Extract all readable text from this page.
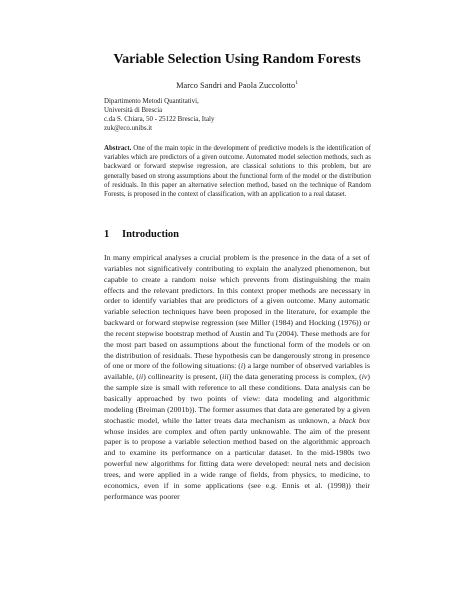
Variable Selection Using Random Forests
Marco Sandri and Paola Zuccolotto$^1$
Dipartimento Metodi Quantitativi,
Università di Brescia
c.da S. Chiara, 50 - 25122 Brescia, Italy
zuk@eco.unibs.it
Abstract. One of the main topic in the development of predictive models is the identification of variables which are predictors of a given outcome. Automated model selection methods, such as backward or forward stepwise regression, are classical solutions to this problem, but are generally based on strong assumptions about the functional form of the model or the distribution of residuals. In this paper an alternative selection method, based on the technique of Random Forests, is proposed in the context of classification, with an application to a real dataset.
1 Introduction
In many empirical analyses a crucial problem is the presence in the data of a set of variables not significatively contributing to explain the analyzed phenomenon, but capable to create a random noise which prevents from distinguishing the main effects and the relevant predictors. In this context proper methods are necessary in order to identify variables that are predictors of a given outcome. Many automatic variable selection techniques have been proposed in the literature, for example the backward or forward stepwise regression (see Miller (1984) and Hocking (1976)) or the recent stepwise bootstrap method of Austin and Tu (2004). These methods are for the most part based on assumptions about the functional form of the models or on the distribution of residuals. These hypothesis can be dangerously strong in presence of one or more of the following situations: (i) a large number of observed variables is available, (ii) collinearity is present, (iii) the data generating process is complex, (iv) the sample size is small with reference to all these conditions. Data analysis can be basically approached by two points of view: data modeling and algorithmic modeling (Breiman (2001b)). The former assumes that data are generated by a given stochastic model, while the latter treats data mechanism as unknown, a black box whose insides are complex and often partly unknowable. The aim of the present paper is to propose a variable selection method based on the algorithmic approach and to examine its performance on a particular dataset. In the mid-1980s two powerful new algorithms for fitting data were developed: neural nets and decision trees, and were applied in a wide range of fields, from physics, to medicine, to economics, even if in some applications (see e.g. Ennis et al. (1998)) their performance was poorer
